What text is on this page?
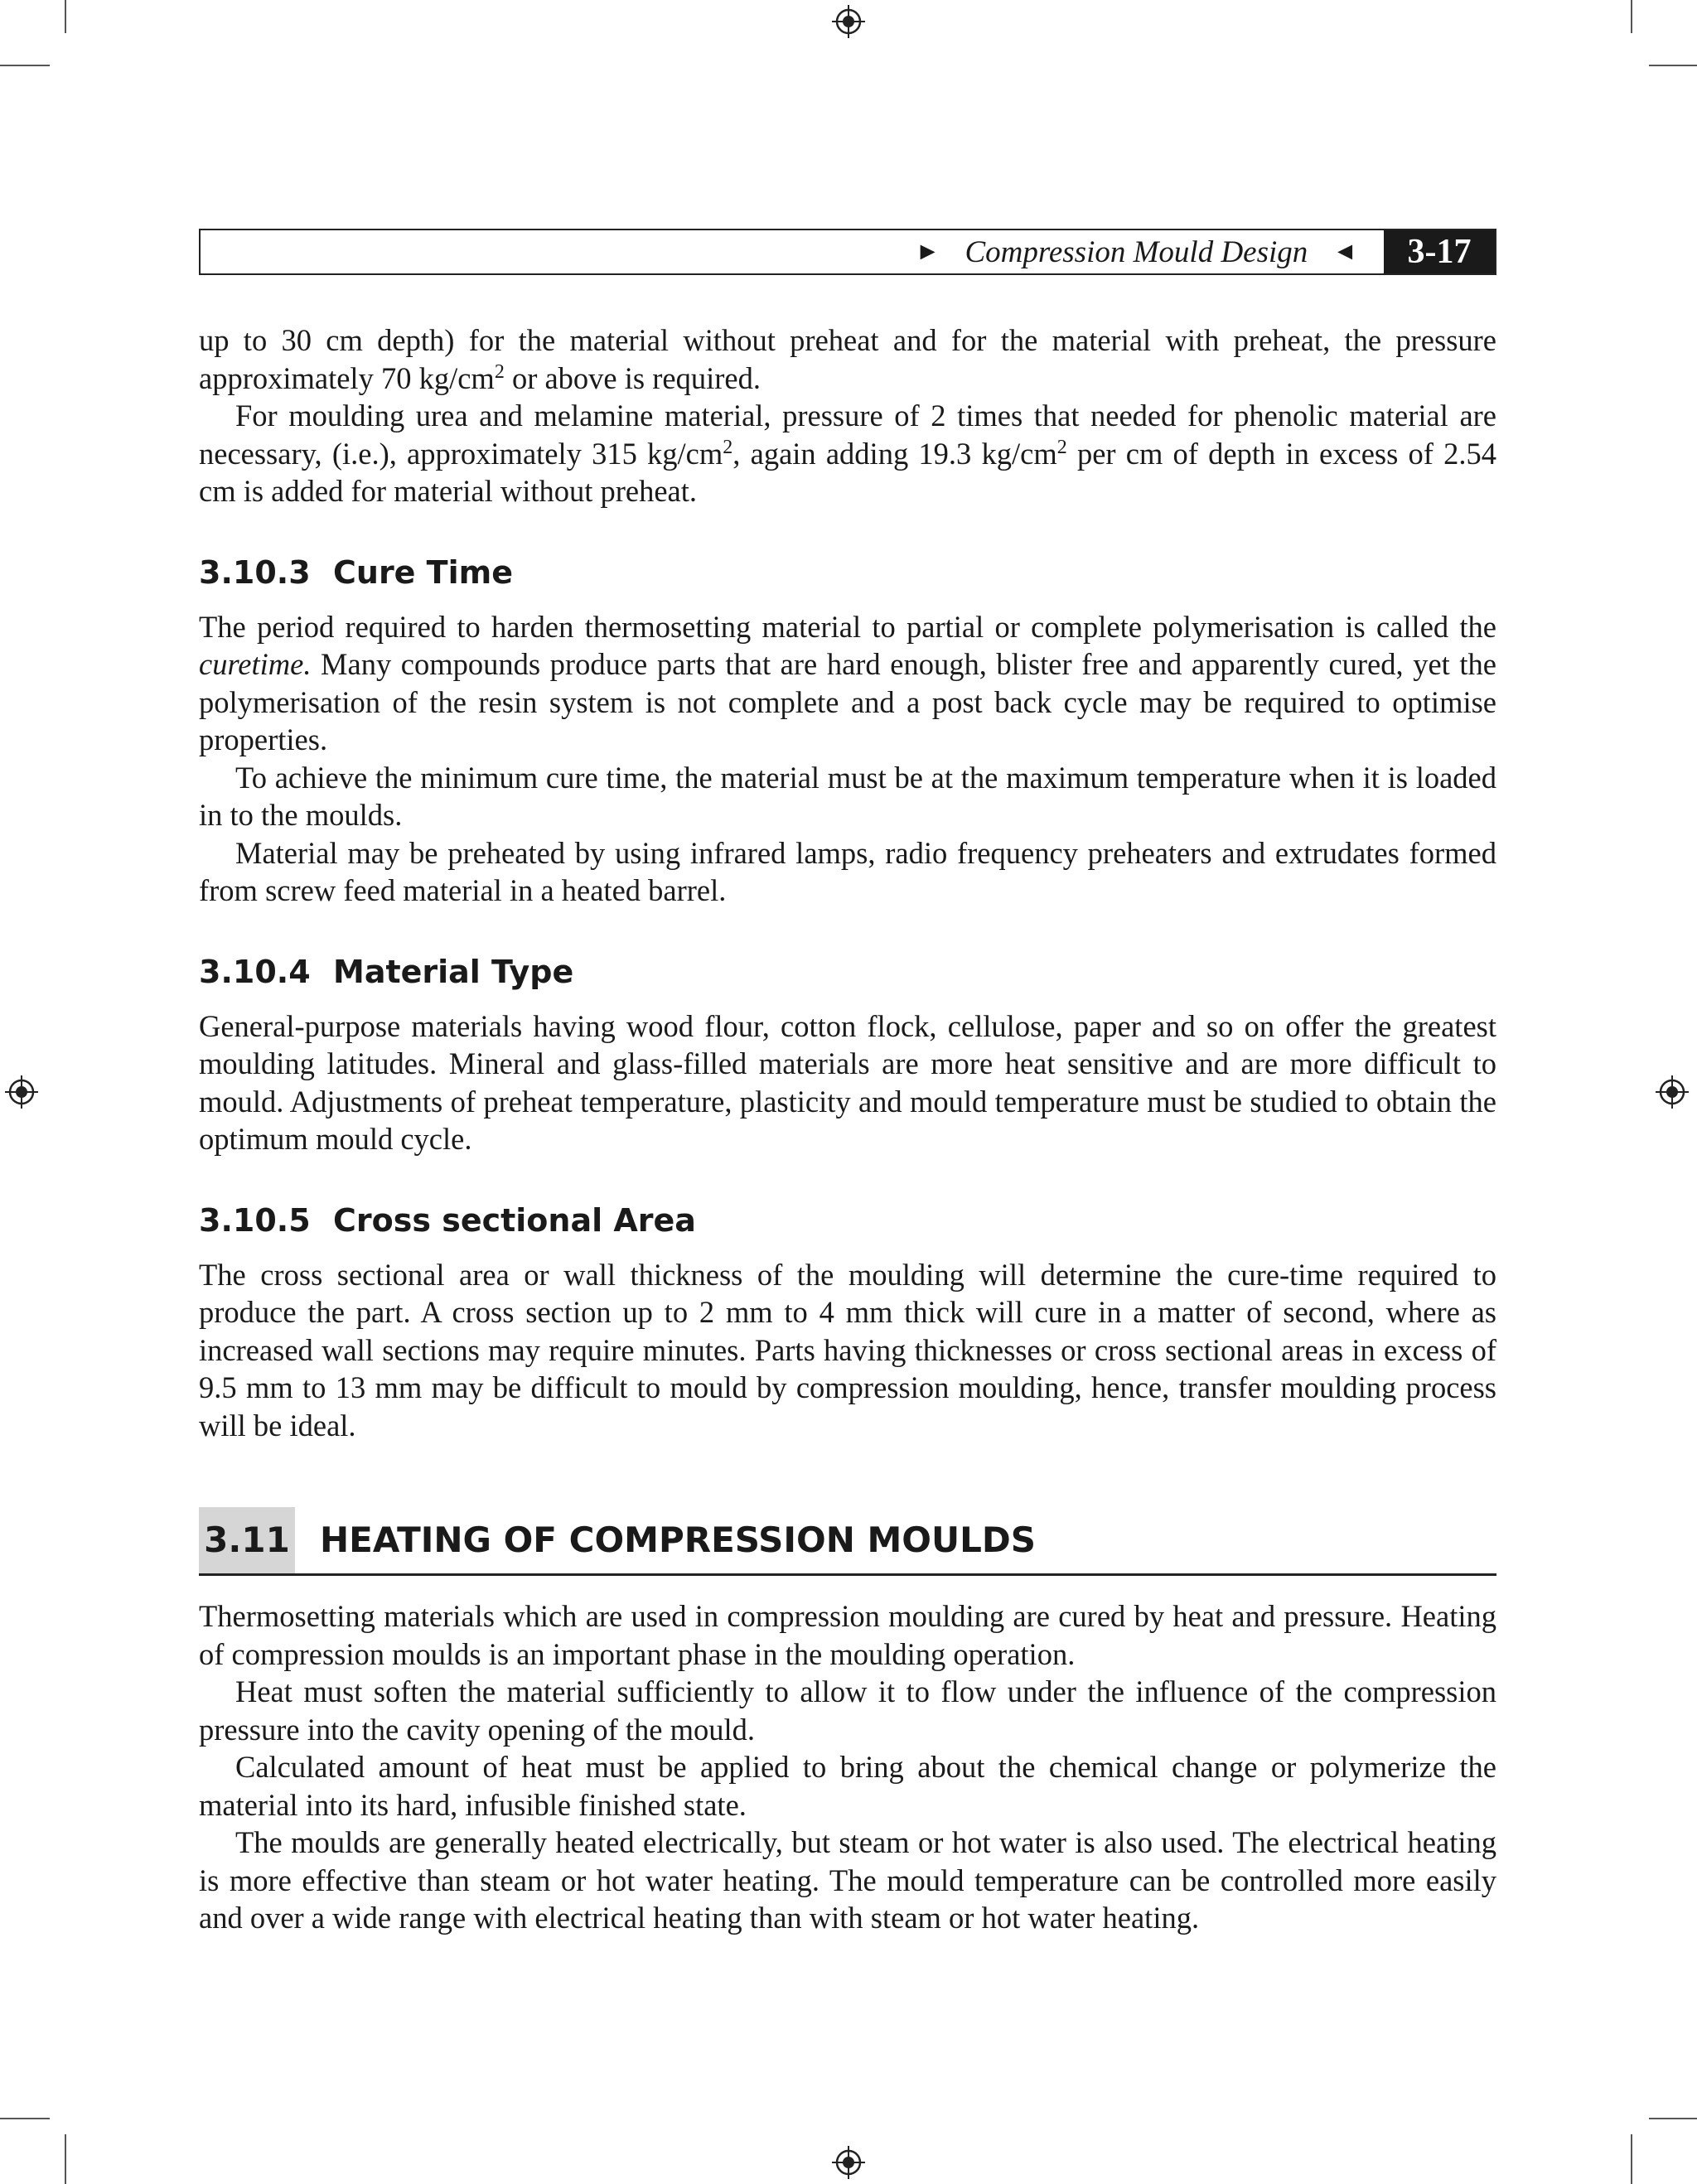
► Compression Mould Design ◄	3-17

up to 30 cm depth) for the material without preheat and for the material with preheat, the pressure approximately 70 $kg/cm^2$ or above is required.

For moulding urea and melamine material, pressure of 2 times that needed for phenolic material are necessary, (i.e.), approximately 315 $kg/cm^2$, again adding 19.3 $kg/cm^2$ per cm of depth in excess of 2.54 cm is added for material without preheat.

3.10.3 Cure Time

The period required to harden thermosetting material to partial or complete polymerisation is called the curetime. Many compounds produce parts that are hard enough, blister free and apparently cured, yet the polymerisation of the resin system is not complete and a post back cycle may be required to optimise properties.

To achieve the minimum cure time, the material must be at the maximum temperature when it is loaded in to the moulds.

Material may be preheated by using infrared lamps, radio frequency preheaters and extrudates formed from screw feed material in a heated barrel.

3.10.4 Material Type

General-purpose materials having wood flour, cotton flock, cellulose, paper and so on offer the greatest moulding latitudes. Mineral and glass-filled materials are more heat sensitive and are more difficult to mould. Adjustments of preheat temperature, plasticity and mould temperature must be studied to obtain the optimum mould cycle.

3.10.5 Cross sectional Area

The cross sectional area or wall thickness of the moulding will determine the cure-time required to produce the part. A cross section up to 2 mm to 4 mm thick will cure in a matter of second, where as increased wall sections may require minutes. Parts having thicknesses or cross sectional areas in excess of 9.5 mm to 13 mm may be difficult to mould by compression moulding, hence, transfer moulding process will be ideal.

3.11 HEATING OF COMPRESSION MOULDS

Thermosetting materials which are used in compression moulding are cured by heat and pressure. Heating of compression moulds is an important phase in the moulding operation.

Heat must soften the material sufficiently to allow it to flow under the influence of the compression pressure into the cavity opening of the mould.

Calculated amount of heat must be applied to bring about the chemical change or polymerize the material into its hard, infusible finished state.

The moulds are generally heated electrically, but steam or hot water is also used. The electrical heating is more effective than steam or hot water heating. The mould temperature can be controlled more easily and over a wide range with electrical heating than with steam or hot water heating.
